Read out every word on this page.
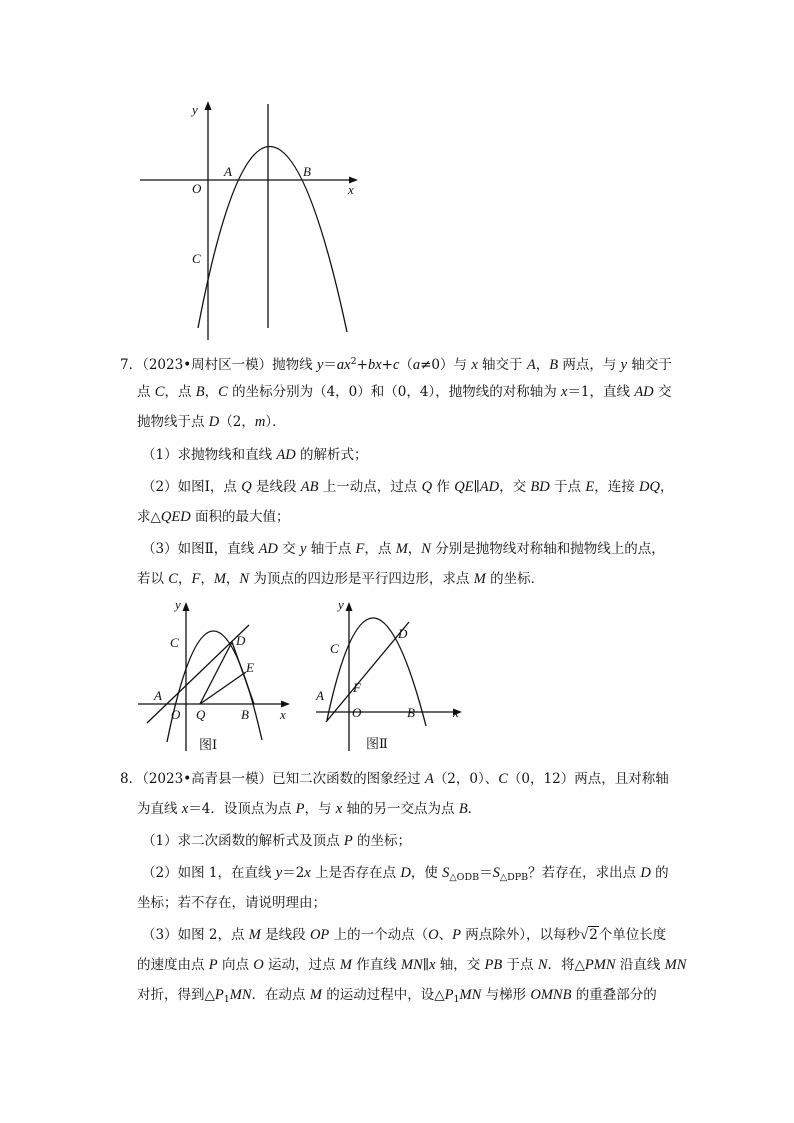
y
x
O
A	B
C
7．（2023•周村区一模）抛物线 $y=ax^2+bx+c(a\ne 0)$与 x 轴交于 A，B 两点，与 y 轴交于
点 C，点 B，C 的坐标分别为（4，0）和（0，4），抛物线的对称轴为 x＝1，直线 AD 交
抛物线于点 D（2，m）．
（1）求抛物线和直线 AD 的解析式；
（2）如图Ⅰ，点 Q 是线段 AB 上一动点，过点 Q 作 QE∥AD，交 BD 于点 E，连接 DQ，
求△QED 面积的最大值；
（3）如图Ⅱ，直线 AD 交 y 轴于点 F，点 M，N 分别是抛物线对称轴和抛物线上的点，
若以 C，F，M，N 为顶点的四边形是平行四边形，求点 M 的坐标．
y
C	D
E
A
O Q	B x
图Ⅰ
y
C
D
F
A
O	B	x
图Ⅱ
8．（2023•高青县一模）已知二次函数的图象经过 A（2，0）、C（0，12）两点，且对称轴
为直线 x＝4．设顶点为点 P，与 x 轴的另一交点为点 B．
（1）求二次函数的解析式及顶点 P 的坐标；
（2）如图 1，在直线 y＝2x 上是否存在点 D，使 $S_{\triangle ODB}=S_{\triangle DPB}$？若存在，求出点 D 的
坐标；若不存在，请说明理由；
（3）如图 2，点 M 是线段 OP 上的一个动点（O、P 两点除外），以每秒√2个单位长度
的速度由点 P 向点 O 运动，过点 M 作直线 MN∥x 轴，交 PB 于点 N．将△PMN 沿直线 MN
对折，得到$\triangle P_1MN$．在动点 M 的运动过程中，设$\triangle P_1MN$ 与梯形 OMNB 的重叠部分的
